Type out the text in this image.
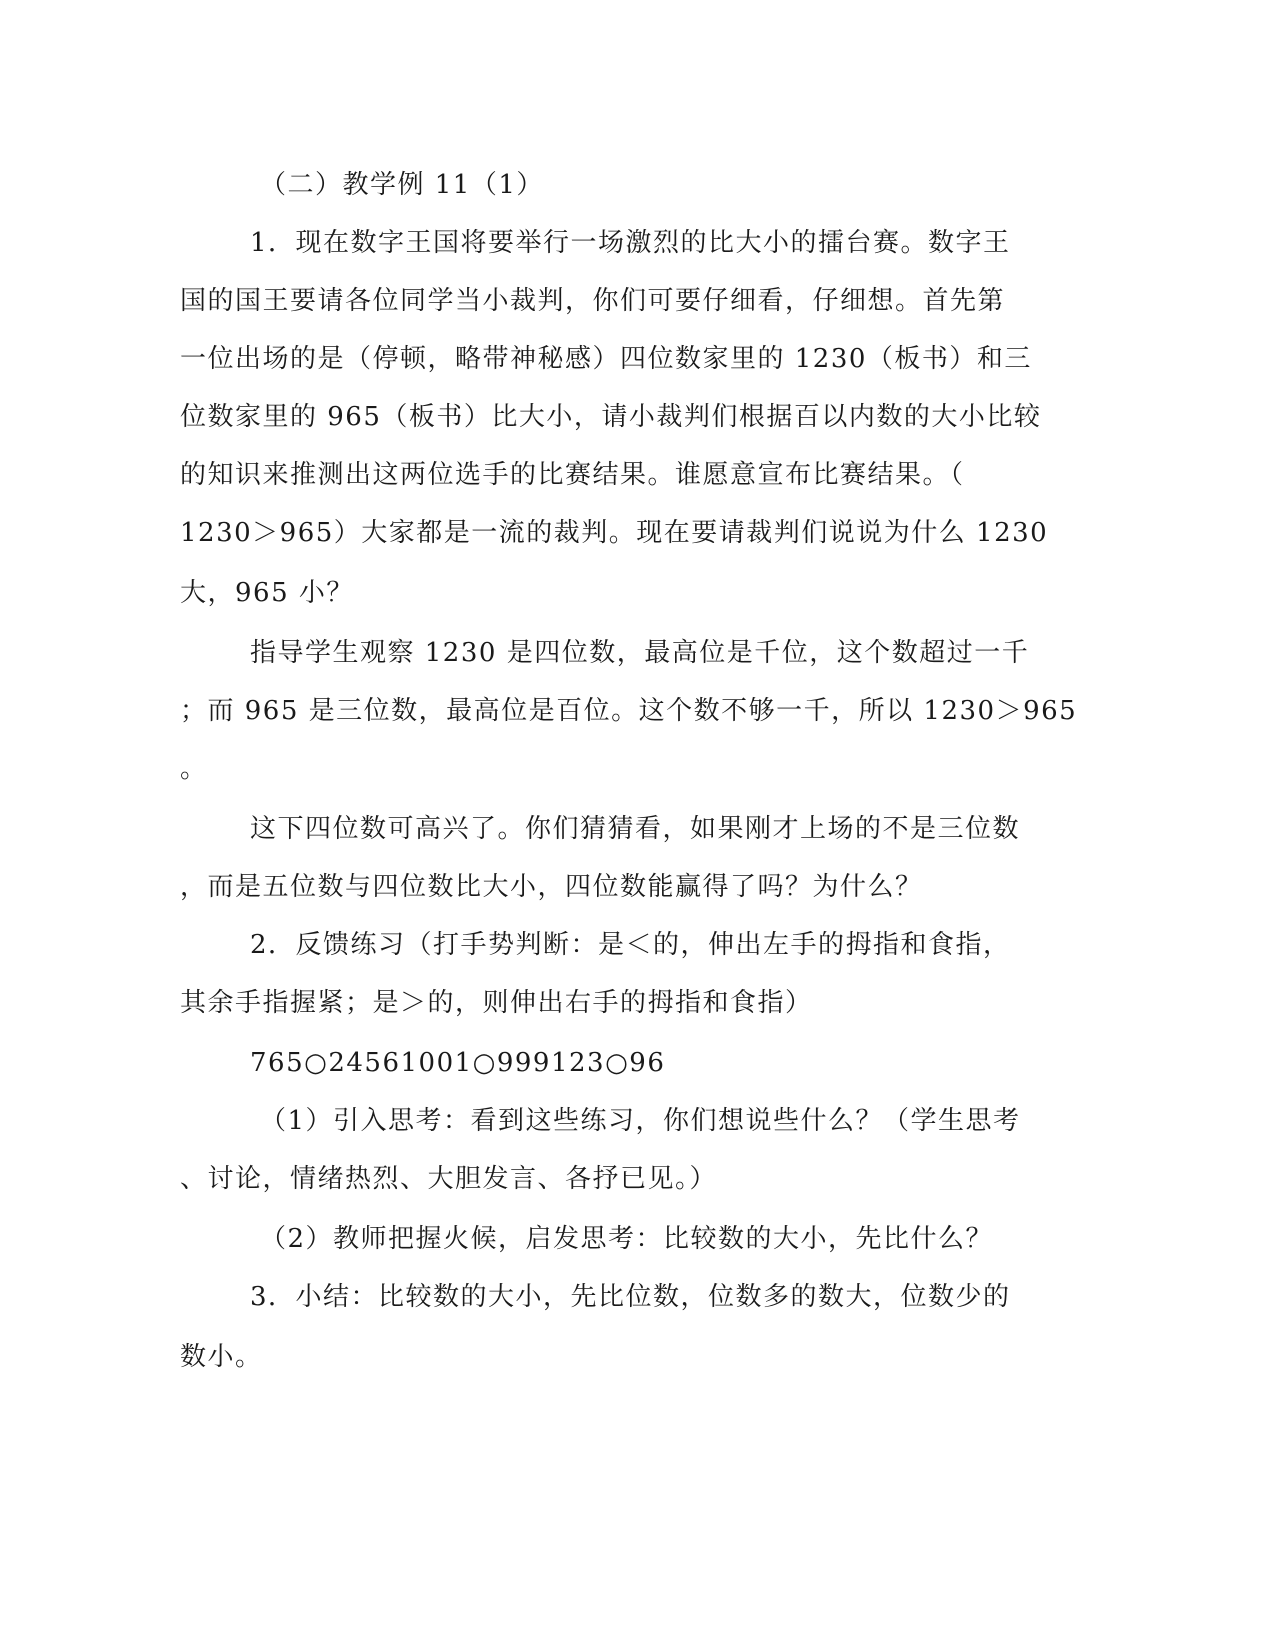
（二）教学例 11（1）

1．现在数字王国将要举行一场激烈的比大小的擂台赛。数字王

国的国王要请各位同学当小裁判，你们可要仔细看，仔细想。首先第

一位出场的是（停顿，略带神秘感）四位数家里的 1230（板书）和三

位数家里的 965（板书）比大小，请小裁判们根据百以内数的大小比较

的知识来推测出这两位选手的比赛结果。谁愿意宣布比赛结果。（

1230＞965）大家都是一流的裁判。现在要请裁判们说说为什么 1230

大，965 小？

指导学生观察 1230 是四位数，最高位是千位，这个数超过一千

；而 965 是三位数，最高位是百位。这个数不够一千，所以 1230＞965

。

这下四位数可高兴了。你们猜猜看，如果刚才上场的不是三位数

，而是五位数与四位数比大小，四位数能赢得了吗？为什么？

2．反馈练习（打手势判断：是＜的，伸出左手的拇指和食指，

其余手指握紧；是＞的，则伸出右手的拇指和食指）

765○24561001○999123○96

（1）引入思考：看到这些练习，你们想说些什么？（学生思考

、讨论，情绪热烈、大胆发言、各抒已见。）

（2）教师把握火候，启发思考：比较数的大小，先比什么？

3．小结：比较数的大小，先比位数，位数多的数大，位数少的

数小。
